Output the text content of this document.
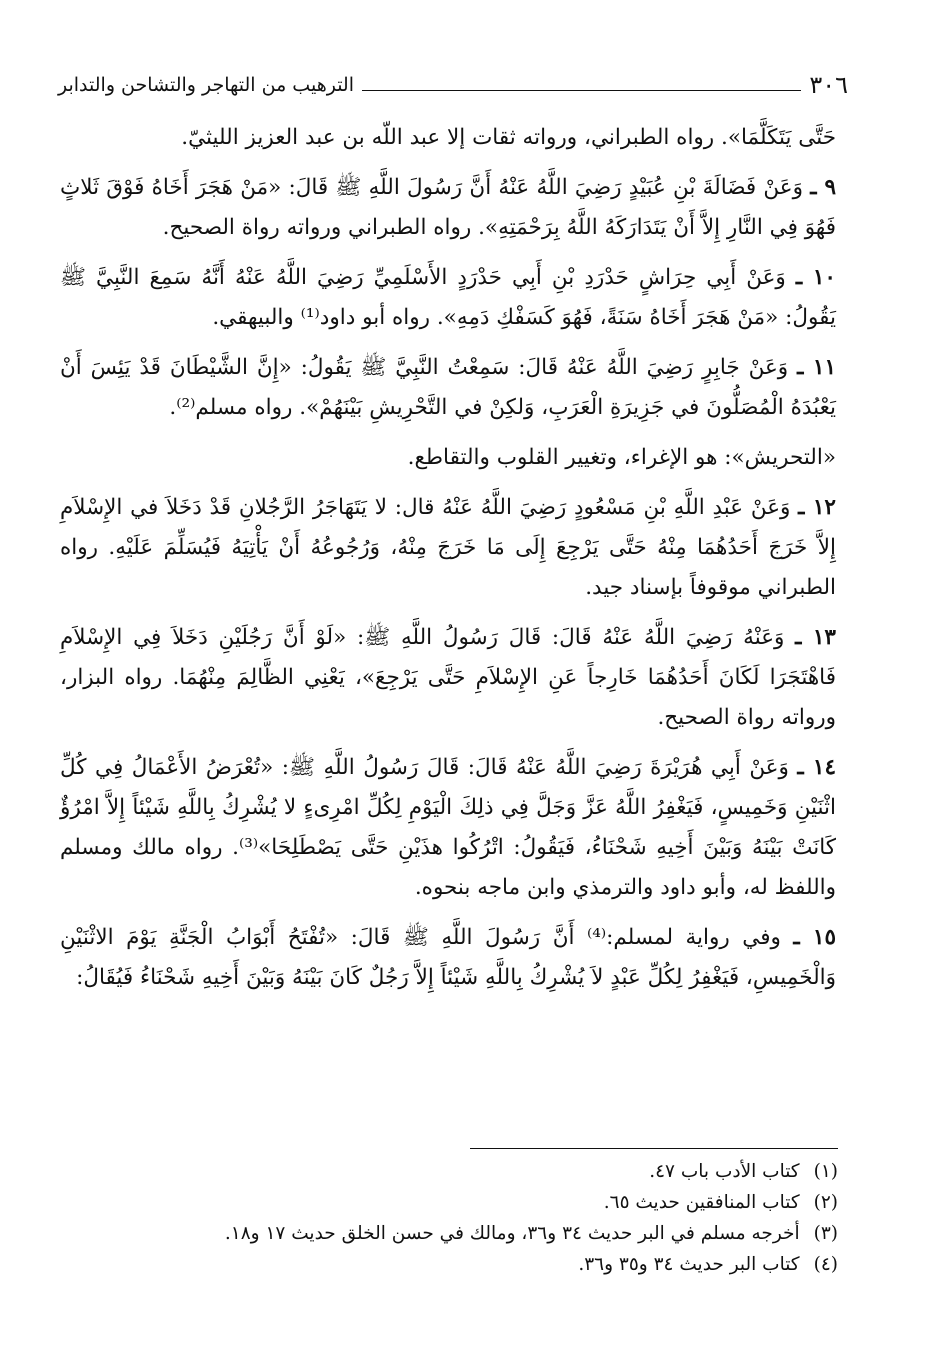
٣٠٦
الترهيب من التهاجر والتشاحن والتدابر

حَتَّى يَتَكَلَّمَا». رواه الطبراني، ورواته ثقات إلا عبد اللّه بن عبد العزيز الليثيّ.

٩ ـ وَعَنْ فَضَالَةَ بْنِ عُبَيْدٍ رَضِيَ اللَّهُ عَنْهُ أَنَّ رَسُولَ اللَّهِ ﷺ قَالَ: «مَنْ هَجَرَ أَخَاهُ فَوْقَ ثَلاثٍ فَهُوَ فِي النَّارِ إِلاَّ أَنْ يَتَدَارَكَهُ اللَّهُ بِرَحْمَتِهِ». رواه الطبراني ورواته رواة الصحيح.

١٠ ـ وَعَنْ أَبِي حِرَاشٍ حَدْرَدِ بْنِ أَبِي حَدْرَدٍ الأَسْلَمِيِّ رَضِيَ اللَّهُ عَنْهُ أَنَّهُ سَمِعَ النَّبِيَّ ﷺ يَقُولُ: «مَنْ هَجَرَ أَخَاهُ سَنَةً، فَهُوَ كَسَفْكِ دَمِهِ». رواه أبو داود⁽¹⁾ والبيهقي.

١١ ـ وَعَنْ جَابِرٍ رَضِيَ اللَّهُ عَنْهُ قَالَ: سَمِعْتُ النَّبِيَّ ﷺ يَقُولُ: «إِنَّ الشَّيْطَانَ قَدْ يَئِسَ أَنْ يَعْبُدَهُ الْمُصَلُّونَ في جَزِيرَةِ الْعَرَبِ، وَلكِنْ في التَّحْرِيشِ بَيْنَهُمْ». رواه مسلم⁽²⁾.

«التحريش»: هو الإغراء، وتغيير القلوب والتقاطع.

١٢ ـ وَعَنْ عَبْدِ اللَّهِ بْنِ مَسْعُودٍ رَضِيَ اللَّهُ عَنْهُ قال: لا يَتَهَاجَرُ الرَّجُلانِ قَدْ دَخَلاَ في الإِسْلاَمِ إِلاَّ خَرَجَ أَحَدُهُمَا مِنْهُ حَتَّى يَرْجِعَ إِلَى مَا خَرَجَ مِنْهُ، وَرُجُوعُهُ أَنْ يَأْتِيَهُ فَيُسَلِّمَ عَلَيْهِ. رواه الطبراني موقوفاً بإسناد جيد.

١٣ ـ وَعَنْهُ رَضِيَ اللَّهُ عَنْهُ قَالَ: قَالَ رَسُولُ اللَّهِ ﷺ: «لَوْ أَنَّ رَجُلَيْنِ دَخَلاَ فِي الإِسْلاَمِ فَاهْتَجَرَا لَكَانَ أَحَدُهُمَا خَارِجاً عَنِ الإِسْلاَمِ حَتَّى يَرْجِعَ»، يَعْنِي الظَّالِمَ مِنْهُمَا. رواه البزار، ورواته رواة الصحيح.

١٤ ـ وَعَنْ أَبِي هُرَيْرَةَ رَضِيَ اللَّهُ عَنْهُ قَالَ: قَالَ رَسُولُ اللَّهِ ﷺ: «تُعْرَضُ الأَعْمَالُ فِي كُلِّ اثْنَيْنِ وَخَمِيسٍ، فَيَغْفِرُ اللَّهُ عَزَّ وَجَلَّ فِي ذلِكَ الْيَوْمِ لِكُلِّ امْرِىءٍ لا يُشْرِكُ بِاللَّهِ شَيْئاً إِلاَّ امْرُؤٌ كَانَتْ بَيْنَهُ وَبَيْنَ أَخِيهِ شَحْنَاءُ، فَيَقُولُ: اتْرُكُوا هذَيْنِ حَتَّى يَصْطَلِحَا»⁽³⁾. رواه مالك ومسلم واللفظ له، وأبو داود والترمذي وابن ماجه بنحوه.

١٥ ـ وفي رواية لمسلم:⁽⁴⁾ أَنَّ رَسُولَ اللَّهِ ﷺ قَالَ: «تُفْتَحُ أَبْوَابُ الْجَنَّةِ يَوْمَ الاثْنَيْنِ وَالْخَمِيسِ، فَيَغْفِرُ لِكُلِّ عَبْدٍ لاَ يُشْرِكُ بِاللَّهِ شَيْئاً إِلاَّ رَجُلٌ كَانَ بَيْنَهُ وَبَيْنَ أَخِيهِ شَحْنَاءُ فَيُقَالُ:

(١)كتاب الأدب باب ٤٧.
(٢)كتاب المنافقين حديث ٦٥.
(٣)أخرجه مسلم في البر حديث ٣٤ و٣٦، ومالك في حسن الخلق حديث ١٧ و١٨.
(٤)كتاب البر حديث ٣٤ و٣٥ و٣٦.
